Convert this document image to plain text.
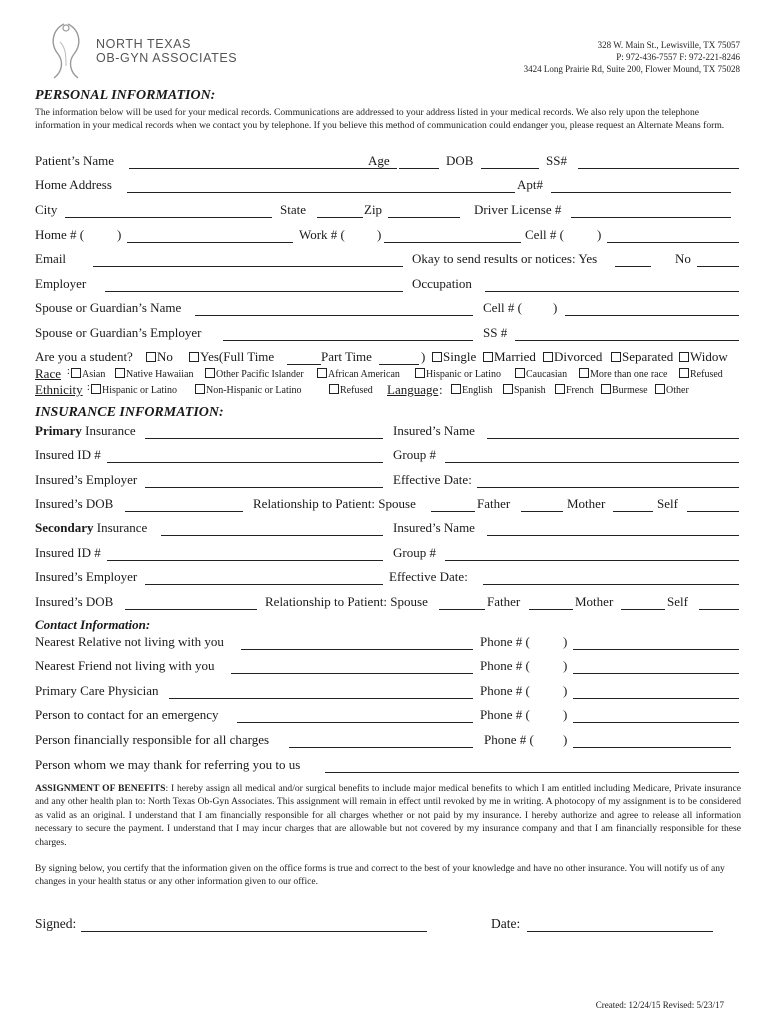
NORTH TEXAS
OB-GYN ASSOCIATES
328 W. Main St., Lewisville, TX 75057
P: 972-436-7557 F: 972-221-8246
3424 Long Prairie Rd, Suite 200, Flower Mound, TX 75028
PERSONAL INFORMATION:
The information below will be used for your medical records. Communications are addressed to your address listed in your medical records. We also rely upon the telephone information in your medical records when we contact you by telephone. If you believe this method of communication could endanger you, please request an Alternate Means form.
Patient’s Name	Age	DOB	SS#
Home Address	Apt#
City	State	Zip	Driver License #
Home # (	)	Work # ( )	Cell # (	)
Email	Okay to send results or notices: Yes	No
Employer	Occupation
Spouse or Guardian’s Name	Cell # ( )
Spouse or Guardian’s Employer	SS #
Are you a student?	No	Yes(Full Time	Part Time	)	Single	Married	Divorced	Separated	Widow
Race :	Asian	Native Hawaiian	Other Pacific Islander	African American	Hispanic or Latino	Caucasian	More than one race	Refused
Ethnicity :	Hispanic or Latino	Non-Hispanic or Latino	Refused Language :	English	Spanish	French	Burmese	Other
INSURANCE INFORMATION:
Primary Insurance	Insured’s Name
Insured ID #	Group #
Insured’s Employer	Effective Date:
Insured’s DOB	Relationship to Patient: Spouse	Father	Mother	Self
Secondary Insurance	Insured’s Name
Insured ID #	Group #
Insured’s Employer	Effective Date:
Insured’s DOB	Relationship to Patient: Spouse	Father	Mother	Self
Contact Information:
Nearest Relative not living with you	Phone # (	)
Nearest Friend not living with you	Phone # (	)
Primary Care Physician	Phone # (	)
Person to contact for an emergency	Phone # (	)
Person financially responsible for all charges	Phone # ( )
Person whom we may thank for referring you to us
ASSIGNMENT OF BENEFITS: I hereby assign all medical and/or surgical benefits to include major medical benefits to which I am entitled including Medicare, Private insurance and any other health plan to: North Texas Ob-Gyn Associates. This assignment will remain in effect until revoked by me in writing. A photocopy of my assignment is to be considered as valid as an original. I understand that I am financially responsible for all charges whether or not paid by my insurance. I hereby authorize and agree to release all information necessary to secure the payment. I understand that I may incur charges that are allowable but not covered by my insurance company and that I am financially responsible for these charges.
By signing below, you certify that the information given on the office forms is true and correct to the best of your knowledge and have no other insurance. You will notify us of any changes in your health status or any other information given to our office.
Signed:	Date:
Created: 12/24/15 Revised: 5/23/17
